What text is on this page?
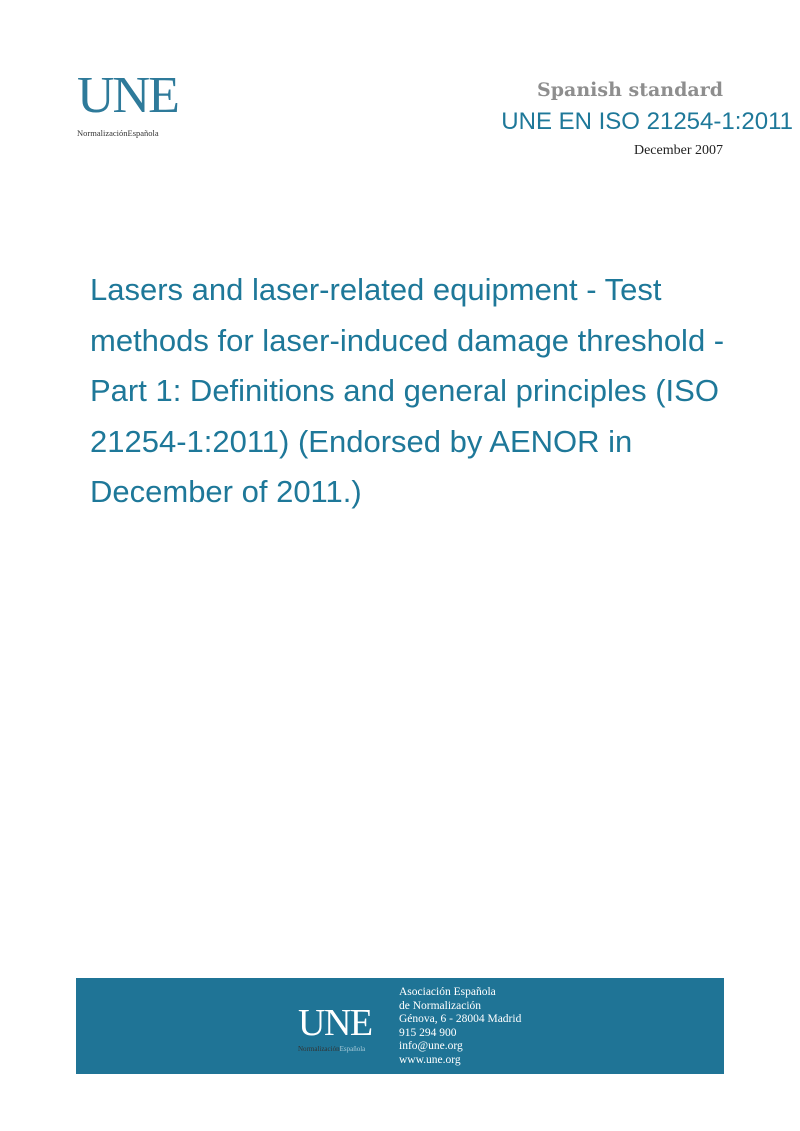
UNE
NormalizaciónEspañola
Spanish standard
UNE EN ISO 21254-1:2011
December 2007
Lasers and laser-related equipment - Test methods for laser-induced damage threshold - Part 1: Definitions and general principles (ISO 21254-1:2011) (Endorsed by AENOR in December of 2011.)
UNE
NormalizaciónEspañola
Asociación Española
de Normalización
Génova, 6 - 28004 Madrid
915 294 900
info@une.org
www.une.org
